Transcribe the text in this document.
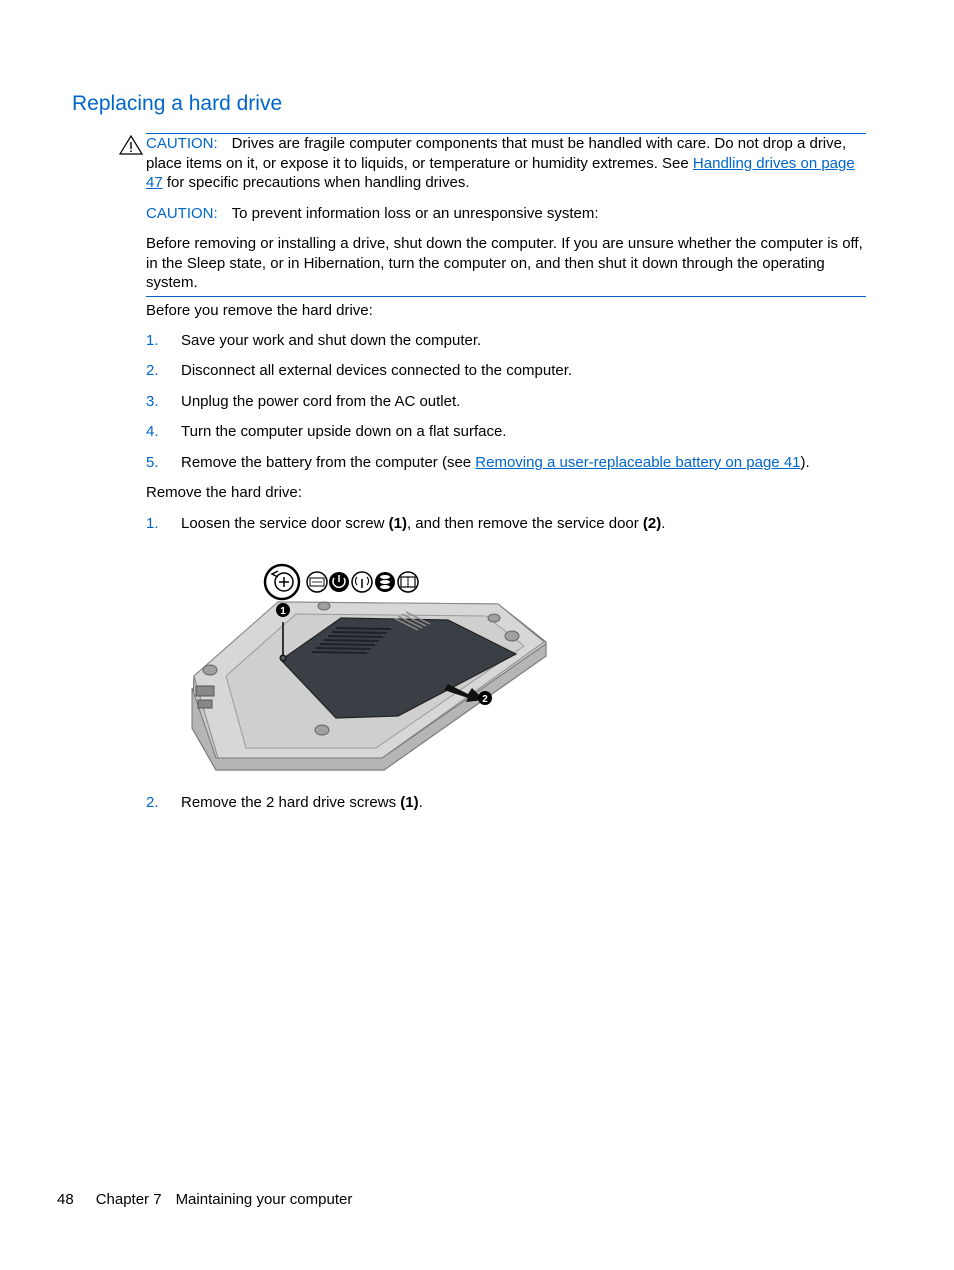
Replacing a hard drive

CAUTION: Drives are fragile computer components that must be handled with care. Do not drop a drive, place items on it, or expose it to liquids, or temperature or humidity extremes. See Handling drives on page 47 for specific precautions when handling drives.

CAUTION: To prevent information loss or an unresponsive system:

Before removing or installing a drive, shut down the computer. If you are unsure whether the computer is off, in the Sleep state, or in Hibernation, turn the computer on, and then shut it down through the operating system.

Before you remove the hard drive:

1. Save your work and shut down the computer.
2. Disconnect all external devices connected to the computer.
3. Unplug the power cord from the AC outlet.
4. Turn the computer upside down on a flat surface.
5. Remove the battery from the computer (see Removing a user-replaceable battery on page 41).

Remove the hard drive:

1. Loosen the service door screw (1), and then remove the service door (2).
2. Remove the 2 hard drive screws (1).
1
2
48 Chapter 7 Maintaining your computer
